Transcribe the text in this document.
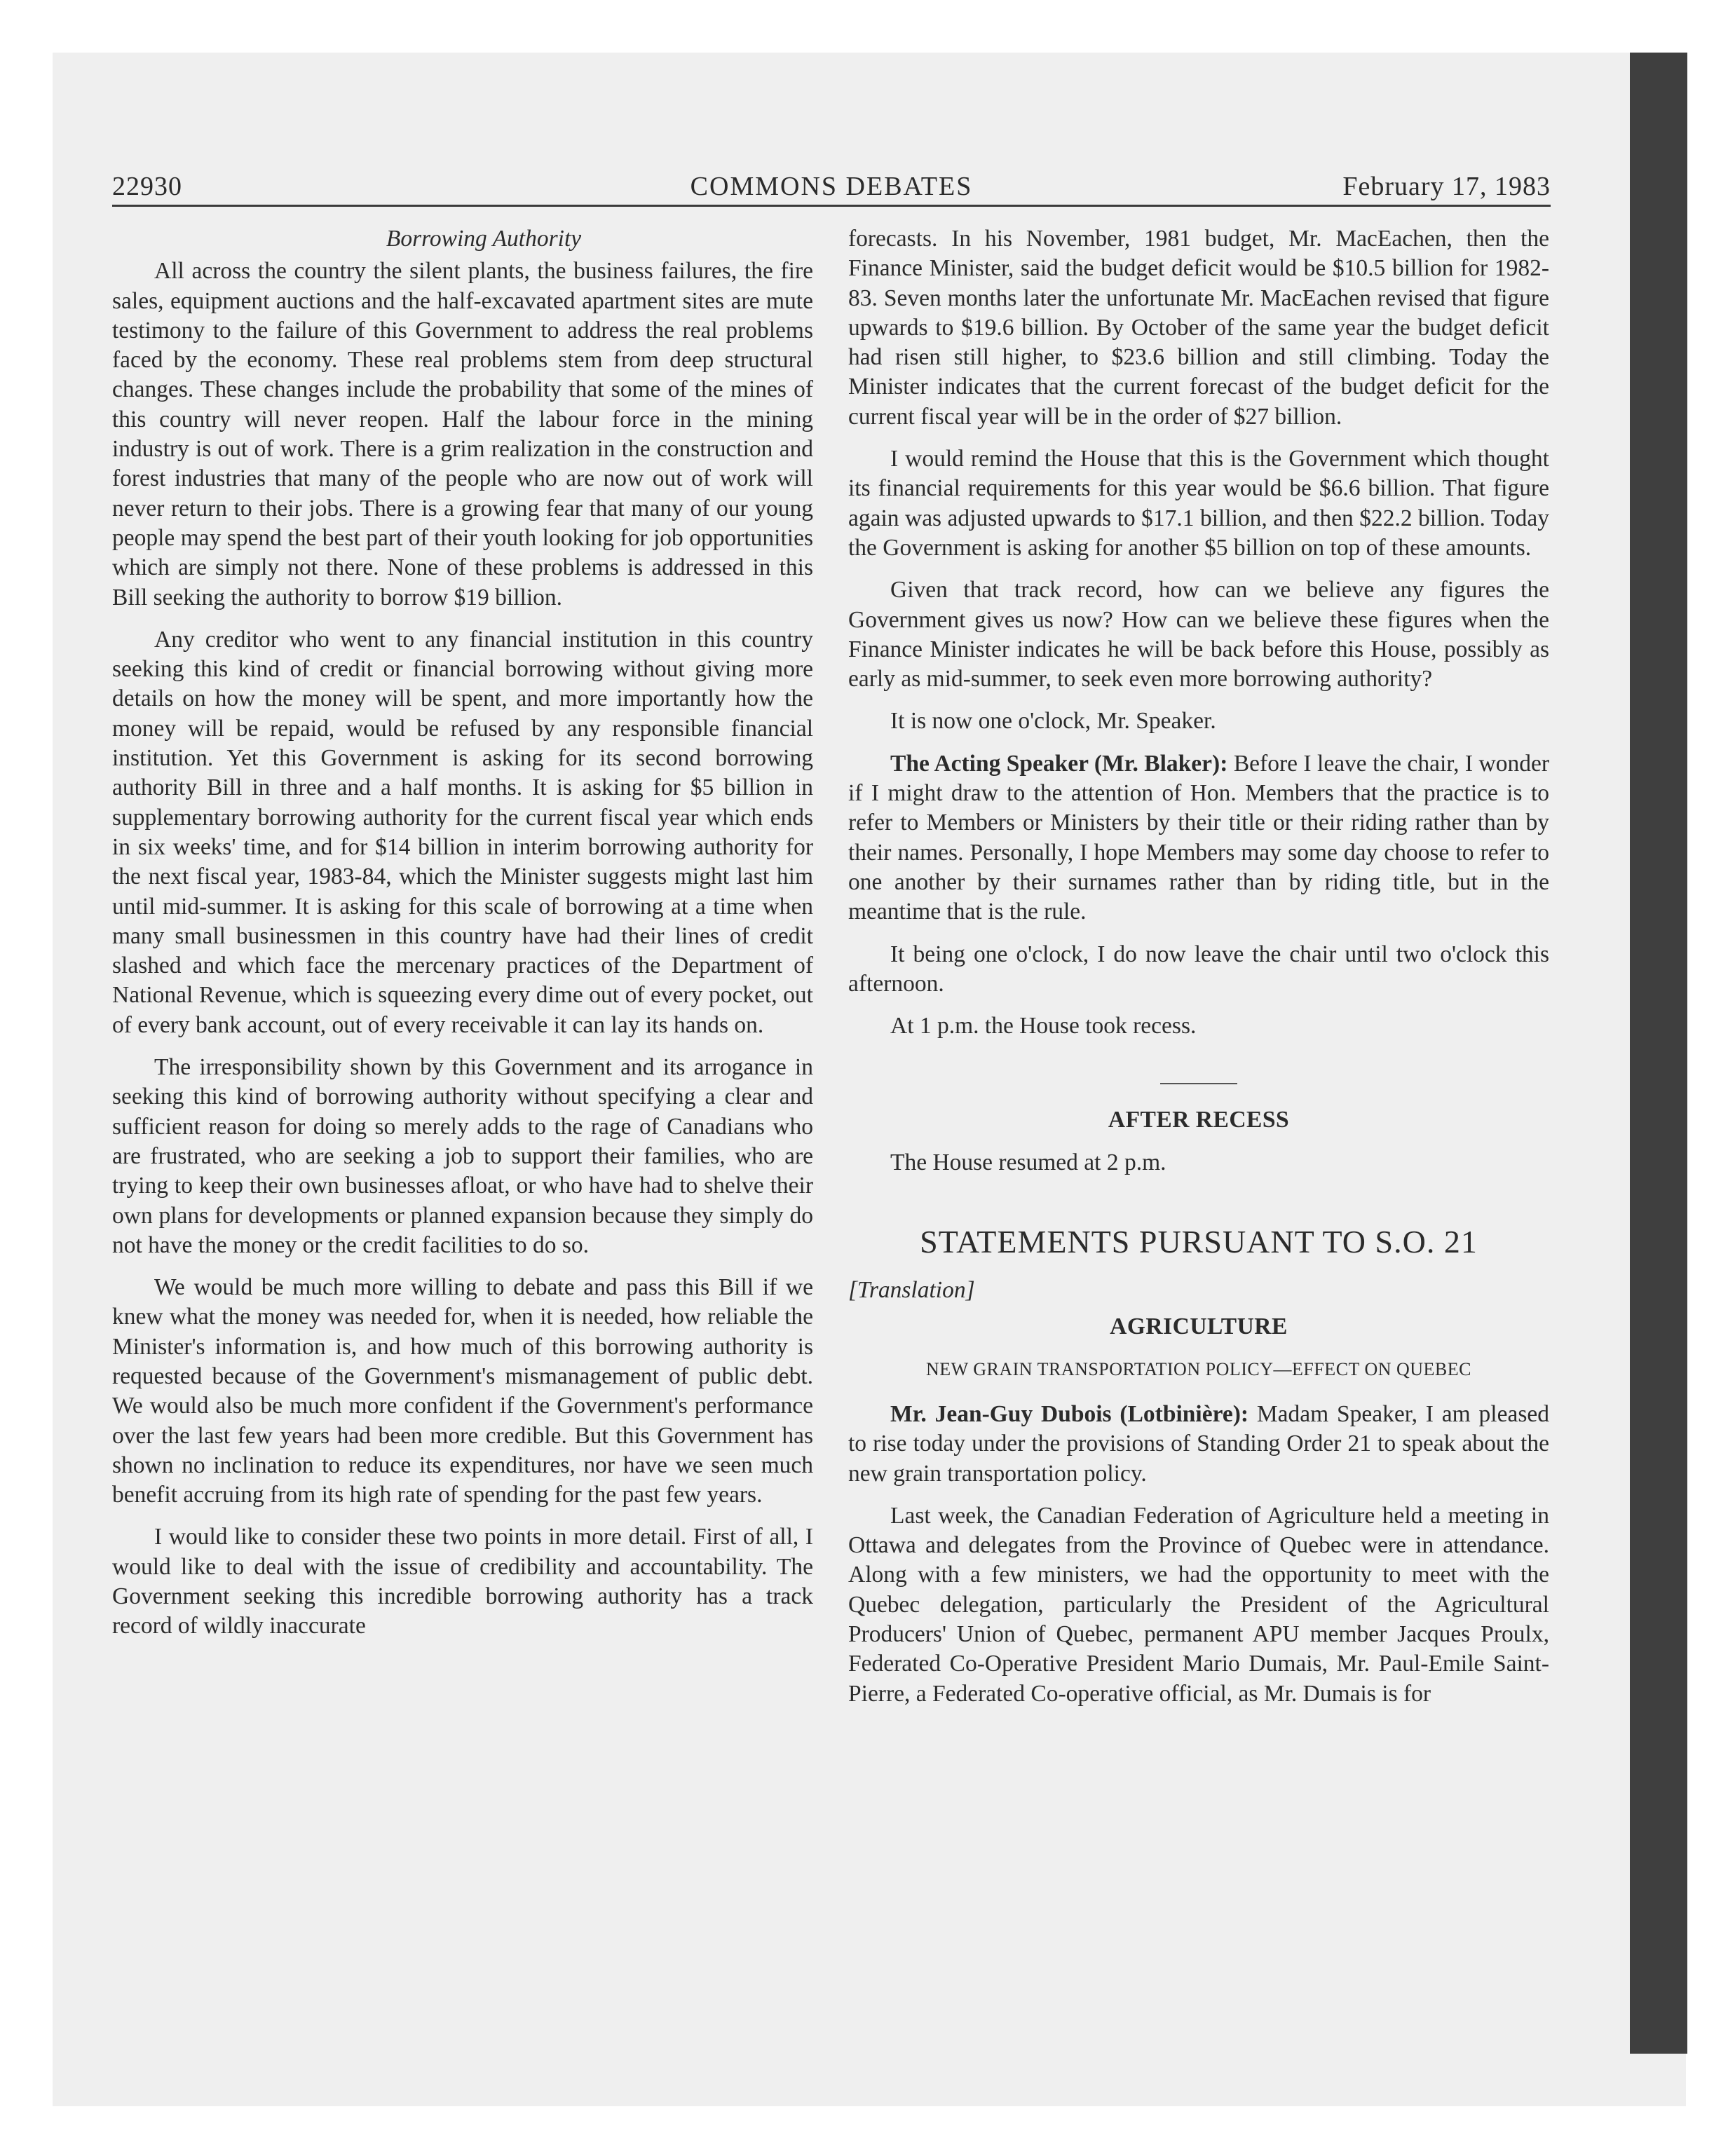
22930	COMMONS DEBATES	February 17, 1983
Borrowing Authority

All across the country the silent plants, the business failures, the fire sales, equipment auctions and the half-excavated apartment sites are mute testimony to the failure of this Government to address the real problems faced by the economy. These real problems stem from deep structural changes. These changes include the probability that some of the mines of this country will never reopen. Half the labour force in the mining industry is out of work. There is a grim realization in the construction and forest industries that many of the people who are now out of work will never return to their jobs. There is a growing fear that many of our young people may spend the best part of their youth looking for job opportunities which are simply not there. None of these problems is addressed in this Bill seeking the authority to borrow $19 billion.

Any creditor who went to any financial institution in this country seeking this kind of credit or financial borrowing without giving more details on how the money will be spent, and more importantly how the money will be repaid, would be refused by any responsible financial institution. Yet this Government is asking for its second borrowing authority Bill in three and a half months. It is asking for $5 billion in supplementary borrowing authority for the current fiscal year which ends in six weeks' time, and for $14 billion in interim borrowing authority for the next fiscal year, 1983-84, which the Minister suggests might last him until mid-summer. It is asking for this scale of borrowing at a time when many small businessmen in this country have had their lines of credit slashed and which face the mercenary practices of the Department of National Revenue, which is squeezing every dime out of every pocket, out of every bank account, out of every receivable it can lay its hands on.

The irresponsibility shown by this Government and its arrogance in seeking this kind of borrowing authority without specifying a clear and sufficient reason for doing so merely adds to the rage of Canadians who are frustrated, who are seeking a job to support their families, who are trying to keep their own businesses afloat, or who have had to shelve their own plans for developments or planned expansion because they simply do not have the money or the credit facilities to do so.

We would be much more willing to debate and pass this Bill if we knew what the money was needed for, when it is needed, how reliable the Minister's information is, and how much of this borrowing authority is requested because of the Government's mismanagement of public debt. We would also be much more confident if the Government's performance over the last few years had been more credible. But this Government has shown no inclination to reduce its expenditures, nor have we seen much benefit accruing from its high rate of spending for the past few years.

I would like to consider these two points in more detail. First of all, I would like to deal with the issue of credibility and accountability. The Government seeking this incredible borrowing authority has a track record of wildly inaccurate

forecasts. In his November, 1981 budget, Mr. MacEachen, then the Finance Minister, said the budget deficit would be $10.5 billion for 1982-83. Seven months later the unfortunate Mr. MacEachen revised that figure upwards to $19.6 billion. By October of the same year the budget deficit had risen still higher, to $23.6 billion and still climbing. Today the Minister indicates that the current forecast of the budget deficit for the current fiscal year will be in the order of $27 billion.

I would remind the House that this is the Government which thought its financial requirements for this year would be $6.6 billion. That figure again was adjusted upwards to $17.1 billion, and then $22.2 billion. Today the Government is asking for another $5 billion on top of these amounts.

Given that track record, how can we believe any figures the Government gives us now? How can we believe these figures when the Finance Minister indicates he will be back before this House, possibly as early as mid-summer, to seek even more borrowing authority?

It is now one o'clock, Mr. Speaker.

The Acting Speaker (Mr. Blaker): Before I leave the chair, I wonder if I might draw to the attention of Hon. Members that the practice is to refer to Members or Ministers by their title or their riding rather than by their names. Personally, I hope Members may some day choose to refer to one another by their surnames rather than by riding title, but in the meantime that is the rule.

It being one o'clock, I do now leave the chair until two o'clock this afternoon.

At 1 p.m. the House took recess.

AFTER RECESS

The House resumed at 2 p.m.

STATEMENTS PURSUANT TO S.O. 21
[Translation]
AGRICULTURE
NEW GRAIN TRANSPORTATION POLICY—EFFECT ON QUEBEC

Mr. Jean-Guy Dubois (Lotbinière): Madam Speaker, I am pleased to rise today under the provisions of Standing Order 21 to speak about the new grain transportation policy.

Last week, the Canadian Federation of Agriculture held a meeting in Ottawa and delegates from the Province of Quebec were in attendance. Along with a few ministers, we had the opportunity to meet with the Quebec delegation, particularly the President of the Agricultural Producers' Union of Quebec, permanent APU member Jacques Proulx, Federated Co-Operative President Mario Dumais, Mr. Paul-Emile Saint-Pierre, a Federated Co-operative official, as Mr. Dumais is for
